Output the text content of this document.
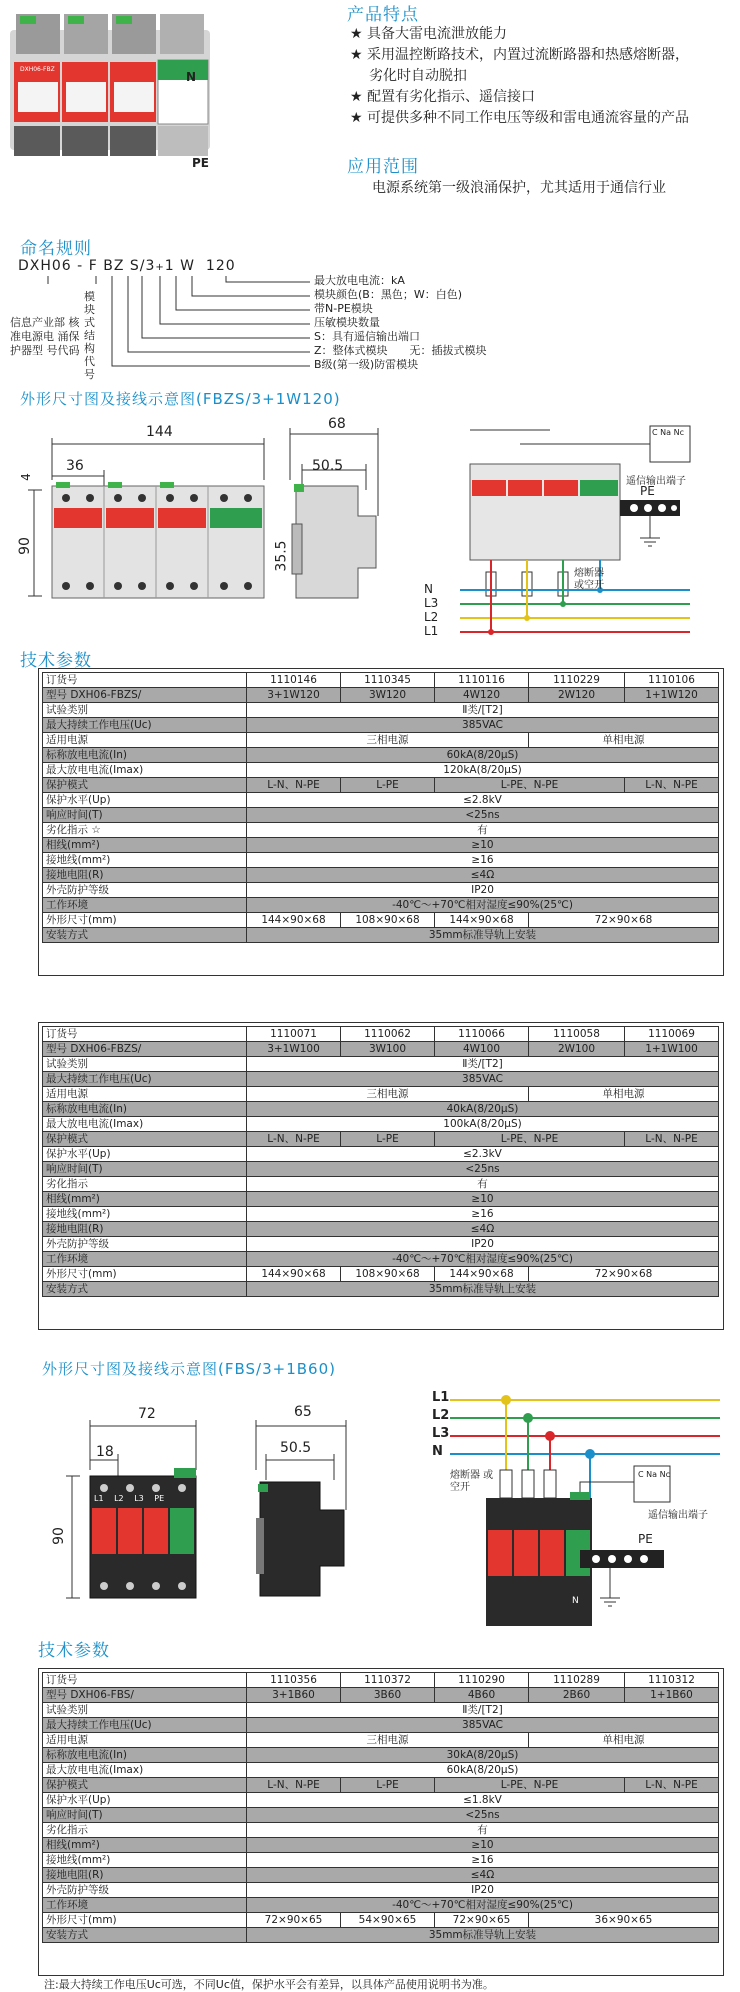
N
L1	L2	L3	PE
DXH06-FBZ
产品特点
★ 具备大雷电流泄放能力
★ 采用温控断路技术，内置过流断路器和热感熔断器，
劣化时自动脱扣
★ 配置有劣化指示、遥信接口
★ 可提供多种不同工作电压等级和雷电通流容量的产品
应用范围
电源系统第一级浪涌保护，尤其适用于通信行业
命名规则
DXH06 - F BZ S/3+1 W 120
最大放电电流：kA
模块颜色(B：黑色；W：白色)
带N-PE模块
压敏模块数量
S：具有遥信输出端口
Z：整体式模块　　无：插拔式模块
B级(第一级)防雷模块
信息产业部 核准电源电 涌保护器型 号代码
模块式结构代号
外形尺寸图及接线示意图(FBZS/3+1W120)
144
36
4
90
68
50.5
35.5
N
L3
L2
L1
熔断器 或空开
遥信输出端子
PE
C Na Nc
技术参数
订货号	1110146	1110345	1110116	1110229	1110106
型号 DXH06-FBZS/	3+1W120	3W120	4W120	2W120	1+1W120
试验类别	Ⅱ类/[T2]				
最大持续工作电压(Uc)	385VAC				
适用电源	三相电源			单相电源	
标称放电电流(In)	60kA(8/20μS)				
最大放电电流(Imax)	120kA(8/20μS)				
保护模式	L-N、N-PE	L-PE	L-PE、N-PE		L-N、N-PE
保护水平(Up)	≤2.8kV				
响应时间(T)	<25ns				
劣化指示 ☆	有				
相线(mm²)	≥10				
接地线(mm²)	≥16				
接地电阻(R)	≤4Ω				
外壳防护等级	IP20				
工作环境	-40℃～+70℃相对湿度≤90%(25℃)				
外形尺寸(mm)	144×90×68	108×90×68	144×90×68	72×90×68	
安装方式	35mm标准导轨上安装				
订货号	1110071	1110062	1110066	1110058	1110069
型号 DXH06-FBZS/	3+1W100	3W100	4W100	2W100	1+1W100
试验类别	Ⅱ类/[T2]				
最大持续工作电压(Uc)	385VAC				
适用电源	三相电源			单相电源	
标称放电电流(In)	40kA(8/20μS)				
最大放电电流(Imax)	100kA(8/20μS)				
保护模式	L-N、N-PE	L-PE	L-PE、N-PE		L-N、N-PE
保护水平(Up)	≤2.3kV				
响应时间(T)	<25ns				
劣化指示	有				
相线(mm²)	≥10				
接地线(mm²)	≥16				
接地电阻(R)	≤4Ω				
外壳防护等级	IP20				
工作环境	-40℃～+70℃相对湿度≤90%(25℃)				
外形尺寸(mm)	144×90×68	108×90×68	144×90×68	72×90×68	
安装方式	35mm标准导轨上安装				
外形尺寸图及接线示意图(FBS/3+1B60)
72
18
90
L1 L2 L3 PE
65
50.5
L1
L2
L3
N
熔断器 或空开
遥信输出端子
PE
N
C Na Nc
技术参数
订货号	1110356	1110372	1110290	1110289	1110312
型号 DXH06-FBS/	3+1B60	3B60	4B60	2B60	1+1B60
试验类别	Ⅱ类/[T2]				
最大持续工作电压(Uc)	385VAC				
适用电源	三相电源			单相电源	
标称放电电流(In)	30kA(8/20μS)				
最大放电电流(Imax)	60kA(8/20μS)				
保护模式	L-N、N-PE	L-PE	L-PE、N-PE		L-N、N-PE
保护水平(Up)	≤1.8kV				
响应时间(T)	<25ns				
劣化指示	有				
相线(mm²)	≥10				
接地线(mm²)	≥16				
接地电阻(R)	≤4Ω				
外壳防护等级	IP20				
工作环境	-40℃～+70℃相对湿度≤90%(25℃)				
外形尺寸(mm)	72×90×65	54×90×65	72×90×65	36×90×65	
安装方式	35mm标准导轨上安装				
注:最大持续工作电压Uc可选，不同Uc值，保护水平会有差异，以具体产品使用说明书为准。
